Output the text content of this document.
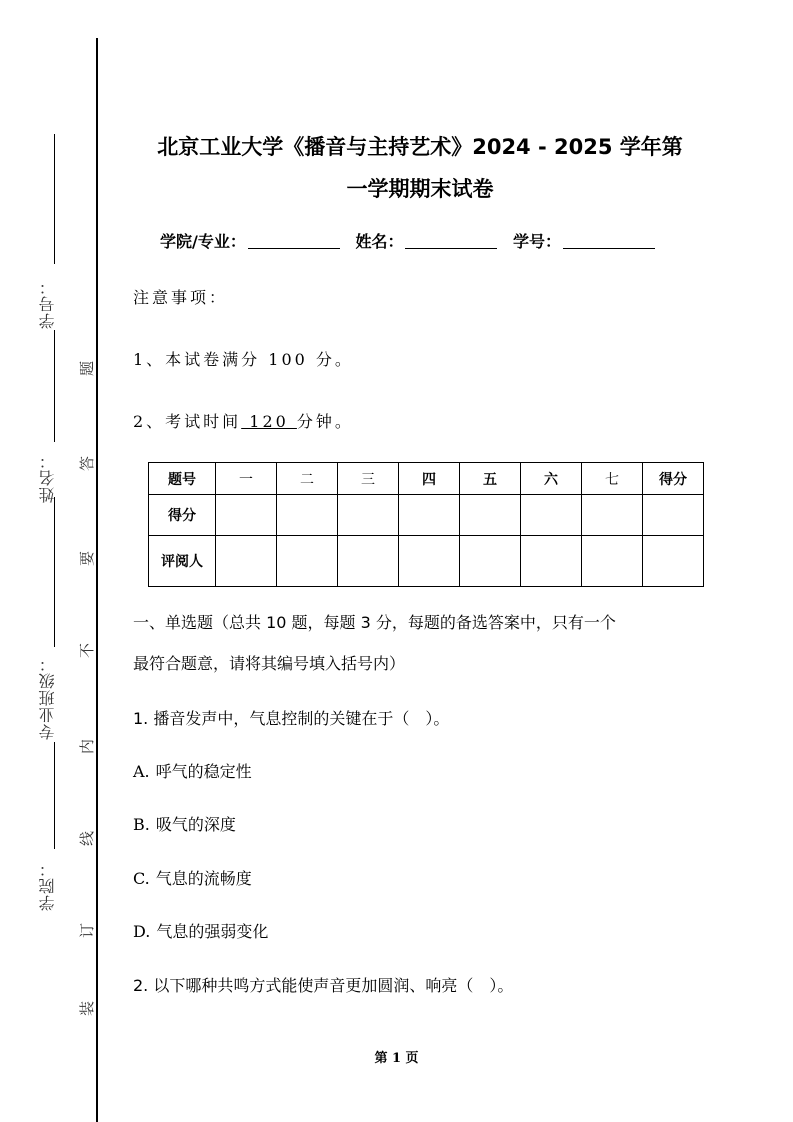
学号：
姓名：
专业班级：
学院：
题
答
要
不
内
线
订
装
北京工业大学《播音与主持艺术》2024 - 2025 学年第
一学期期末试卷
学院/专业：	姓名：	学号：
注意事项：
1、本试卷满分 100 分。
2、考试时间 120 分钟。
题号	一	二	三	四	五	六	七	得分
得分								
评阅人								
一、单选题（总共 10 题，每题 3 分，每题的备选答案中，只有一个
最符合题意，请将其编号填入括号内）
1. 播音发声中，气息控制的关键在于（　）。
A. 呼气的稳定性
B. 吸气的深度
C. 气息的流畅度
D. 气息的强弱变化
2. 以下哪种共鸣方式能使声音更加圆润、响亮（　）。
第 1 页
